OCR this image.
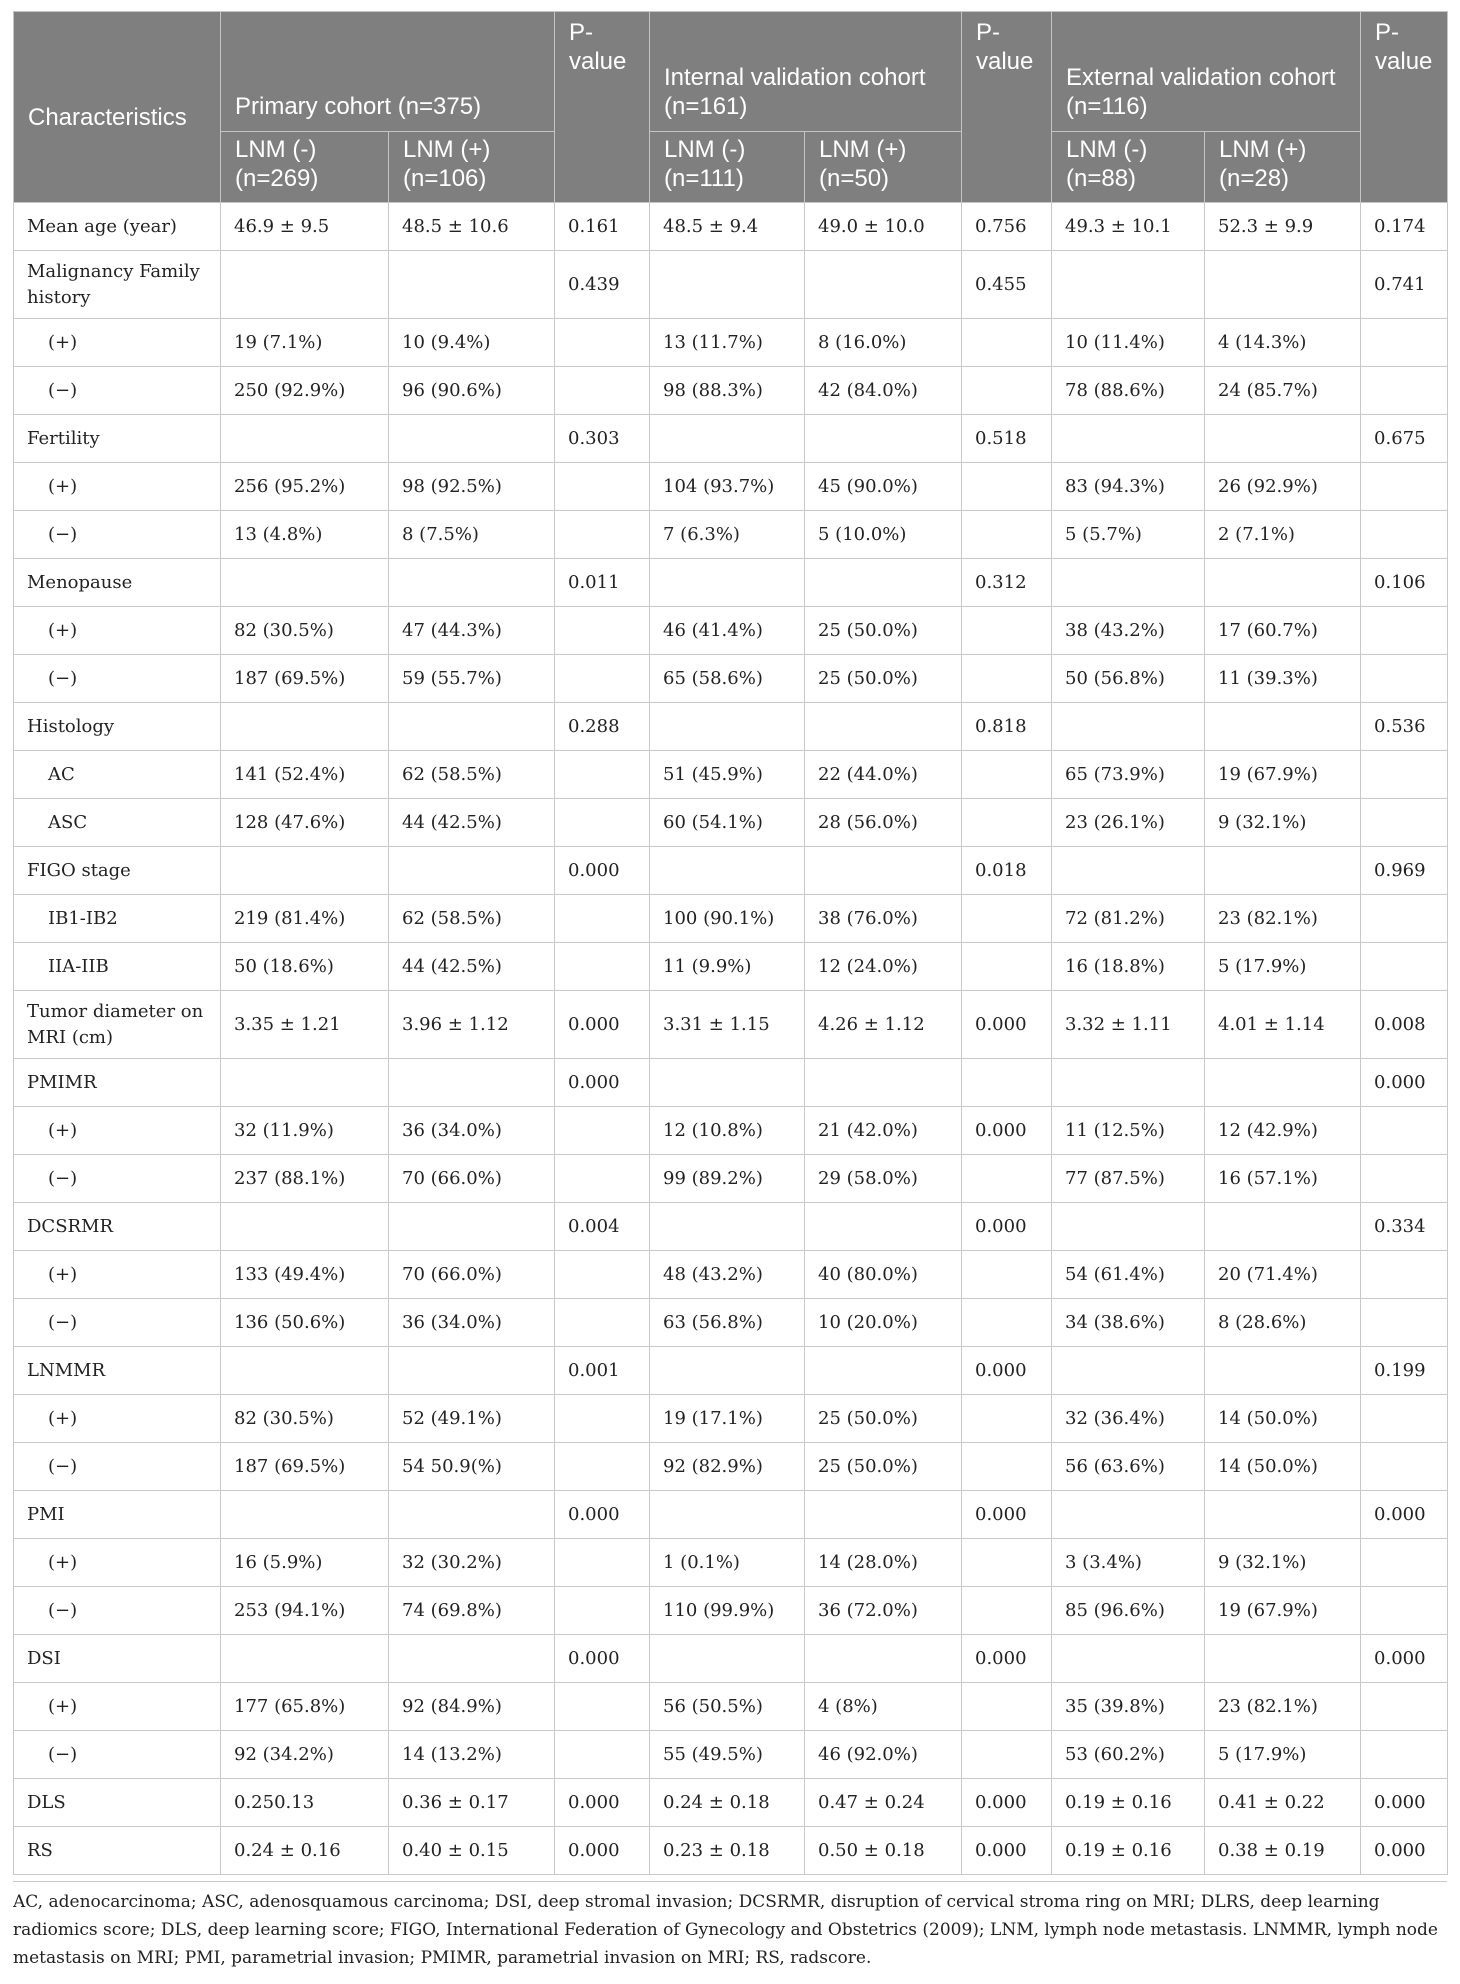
Characteristics	Primary cohort (n=375)		P-value	Internal validation cohort (n=161)		P-value	External validation cohort (n=116)		P-value
	LNM (-) (n=269)	LNM (+) (n=106)		LNM (-) (n=111)	LNM (+) (n=50)		LNM (-) (n=88)	LNM (+) (n=28)	
Mean age (year)	46.9 ± 9.5	48.5 ± 10.6	0.161	48.5 ± 9.4	49.0 ± 10.0	0.756	49.3 ± 10.1	52.3 ± 9.9	0.174
Malignancy Family history			0.439			0.455			0.741
(+)	19 (7.1%)	10 (9.4%)		13 (11.7%)	8 (16.0%)		10 (11.4%)	4 (14.3%)	
(−)	250 (92.9%)	96 (90.6%)		98 (88.3%)	42 (84.0%)		78 (88.6%)	24 (85.7%)	
Fertility			0.303			0.518			0.675
(+)	256 (95.2%)	98 (92.5%)		104 (93.7%)	45 (90.0%)		83 (94.3%)	26 (92.9%)	
(−)	13 (4.8%)	8 (7.5%)		7 (6.3%)	5 (10.0%)		5 (5.7%)	2 (7.1%)	
Menopause			0.011			0.312			0.106
(+)	82 (30.5%)	47 (44.3%)		46 (41.4%)	25 (50.0%)		38 (43.2%)	17 (60.7%)	
(−)	187 (69.5%)	59 (55.7%)		65 (58.6%)	25 (50.0%)		50 (56.8%)	11 (39.3%)	
Histology			0.288			0.818			0.536
AC	141 (52.4%)	62 (58.5%)		51 (45.9%)	22 (44.0%)		65 (73.9%)	19 (67.9%)	
ASC	128 (47.6%)	44 (42.5%)		60 (54.1%)	28 (56.0%)		23 (26.1%)	9 (32.1%)	
FIGO stage			0.000			0.018			0.969
IB1-IB2	219 (81.4%)	62 (58.5%)		100 (90.1%)	38 (76.0%)		72 (81.2%)	23 (82.1%)	
IIA-IIB	50 (18.6%)	44 (42.5%)		11 (9.9%)	12 (24.0%)		16 (18.8%)	5 (17.9%)	
Tumor diameter on MRI (cm)	3.35 ± 1.21	3.96 ± 1.12	0.000	3.31 ± 1.15	4.26 ± 1.12	0.000	3.32 ± 1.11	4.01 ± 1.14	0.008
PMIMR			0.000						0.000
(+)	32 (11.9%)	36 (34.0%)		12 (10.8%)	21 (42.0%)	0.000	11 (12.5%)	12 (42.9%)	
(−)	237 (88.1%)	70 (66.0%)		99 (89.2%)	29 (58.0%)		77 (87.5%)	16 (57.1%)	
DCSRMR			0.004			0.000			0.334
(+)	133 (49.4%)	70 (66.0%)		48 (43.2%)	40 (80.0%)		54 (61.4%)	20 (71.4%)	
(−)	136 (50.6%)	36 (34.0%)		63 (56.8%)	10 (20.0%)		34 (38.6%)	8 (28.6%)	
LNMMR			0.001			0.000			0.199
(+)	82 (30.5%)	52 (49.1%)		19 (17.1%)	25 (50.0%)		32 (36.4%)	14 (50.0%)	
(−)	187 (69.5%)	54 50.9(%)		92 (82.9%)	25 (50.0%)		56 (63.6%)	14 (50.0%)	
PMI			0.000			0.000			0.000
(+)	16 (5.9%)	32 (30.2%)		1 (0.1%)	14 (28.0%)		3 (3.4%)	9 (32.1%)	
(−)	253 (94.1%)	74 (69.8%)		110 (99.9%)	36 (72.0%)		85 (96.6%)	19 (67.9%)	
DSI			0.000			0.000			0.000
(+)	177 (65.8%)	92 (84.9%)		56 (50.5%)	4 (8%)		35 (39.8%)	23 (82.1%)	
(−)	92 (34.2%)	14 (13.2%)		55 (49.5%)	46 (92.0%)		53 (60.2%)	5 (17.9%)	
DLS	0.250.13	0.36 ± 0.17	0.000	0.24 ± 0.18	0.47 ± 0.24	0.000	0.19 ± 0.16	0.41 ± 0.22	0.000
RS	0.24 ± 0.16	0.40 ± 0.15	0.000	0.23 ± 0.18	0.50 ± 0.18	0.000	0.19 ± 0.16	0.38 ± 0.19	0.000
AC, adenocarcinoma; ASC, adenosquamous carcinoma; DSI, deep stromal invasion; DCSRMR, disruption of cervical stroma ring on MRI; DLRS, deep learning radiomics score; DLS, deep learning score; FIGO, International Federation of Gynecology and Obstetrics (2009); LNM, lymph node metastasis. LNMMR, lymph node metastasis on MRI; PMI, parametrial invasion; PMIMR, parametrial invasion on MRI; RS, radscore.
